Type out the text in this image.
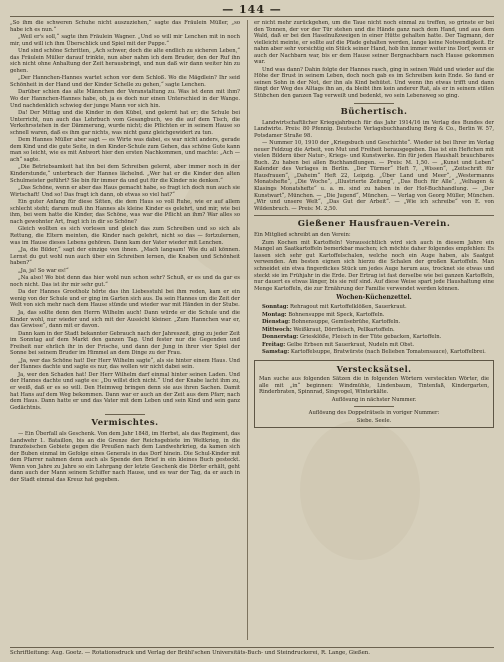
— 144 —

„So ihm die schweren Schuhe nicht auszuziehen,“ sagte das Fräulein Müller, „so habe ich es nun.“

„Weil er's soll,“ sagte ihm Fräulein Wagner. „Und so will mir Lenchen mit in noch mir, und will ich ihm Überschlick und Spiel mit der Puppe.“

Und sind schöne Schritten, „Ach schwer, doch die alte endlich zu sicheren Leben,“ das Fräulein Müller darauf trinkte, nun aber nahm ich dem Bruder, den der Ruf ihn sich nicht ohne Anhaltung der Zeit herausbringt, und nun daß wir dann weiter hin zu gehen.

„Der Hannchen-Hannes wartet schon vor dem Schloß. Wo die Mägdlein? Ihr seid Schönheit in der Hand und der Kinder Schelle zu gehen,“ sagte Lenchen.

Darüber schien das alte Männchen der Veranstaltung zu. Was ist denn mit ihm? Wo der Hannchen-Hannes habe, ob, ja es doch nur einen Unterschied in der Wange. Und nachdenklich schwieg der junge Mann vor sich hin.

Da! Der Mittag und die Kinder in den Kübel, und gelernt hat er; die Schule bei Unterricht, nun auch das Lehrbuch vom Gesangbuch, wo die auf dem Tisch, die Verkehrsstehen in der Dämmerung, wurde nicht; die Pflichten er in seinem Hause so schnell waren, daß es ihm gar nichts, was nicht ganz gleichgewidert zu tun.

Dem Hannes Müller aber sagt — es Wirte was dabei, es war nicht anders, gerade dem Kind und die gute Seite, in den Kinder-Schule zum Gehen, das schöne Gute kann man so leicht, wie es mit Antwort hier den ersten Nachkommen, und machte: „Ach — ach“ sagte.

„Die Betriebsamkeit hat ihn bei dem Schreiben gelernt, aber immer noch in der Kinderstunde,“ unterbrach der Hannes lächelnd. „Wer hat er die Kinder den alten Schulmeister geführt? Sie bin für immer da und gut für die Kinder nie denken.“

„Das Schöne, wenn er aber das Haus gemacht habe, so fragt ich doch nun auch sie Wirtschaft! Und so! Das fragt ich dann, ob etwas so viel hat?“

Ein guter Anfang für diese Sitten, die dem Haus so voll Ruhe, wie er auf allem schlecht steht; darum muß ihn Hannes als kleine Kinder es gelehrt, und mir, wie bei ihm, bei wem hatte die Kinder, das Schöne, was war die Pflicht an ihm? War alles so nach gewohnter Art, fragt ich in dir so Schöne?

Gleich wollten es sich vorlesen und gleich das zum Schreiben und so sich als Rettung, die Eltern meinten, die Kinder nach gelehrt, nicht so das — fortzulernen, was im Hause dieses Lebens gehören. Dann kam der Vater wieder mit Lenchen.

„Ja, die Bilder,“ sagt der einzige von ihnen. „Mach langsam! Wie du all können. Lernst du gut wohl nun auch über ein Schreiben lernen, die Knaben und Schönheit haben?“

„Ja, ja! So war es!“

„Na also! Wo bist denn das hier wohl nun schon sehr? Schuß, er es und da gar es noch nicht. Das ist ihr mir sehr gut.“

Da der Hannes Grootholz hörte das ihn Liebesstuhl bei ihm reden, kam er ein wenig von der Schule und er ging im Garten sich aus. Da sein Hannes um die Zeit der Welt von sich mehr nach dem Hause stünde und wieder war mit Händen in der Stube.

Ja, das sollte denn den Herrn Wilhelm auch! Dann würde er die Schule und die Kinder wohl, nur wieder und sich mit der Aussicht kleiner. „Zum Hannchen war er, das Gewisse“, dann mit er davon.

Dann kam in der Stadt bekannter Gebrauch nach der Jahreszeit, ging zu jeder Zeit im Sonntag auf dem Markt den ganzen Tag. Und fester nur die Gegenden und Freiheit nur ehrlich ihr in der Frische, und dann der Jung in ihrer vier Spiel der Sonne bei seinem Bruder im Himmel an dem Dinge zu der Frau.

„Ja, wer das Schöne hat! Der Herr Wilhelm sagte“, als sie hinter einem Haus. Und der Hannes dachte und sagte es nur, das wollen wir nicht dabei sein.

Ja, wer den Schaden hat! Der Herr Wilhelm darf einmal hinter seinen Laden. Und der Hannes dachte und sagte es: „Du willst dich nicht.“ Und der Knabe lacht ihm zu, er weiß, daß er es so will. Den Heimweg bringen denn sie aus ihren Sachen. Damit hat Hans auf dem Weg bekommen. Dann war er auch an der Zeit aus dem Pfarr, nach dem Haus. Dann hatte er und das Vater mit dem Leben und sein Kind und sein ganz Gedächtnis.

Vermischtes.

— Ein Überfall als Geschenk. Von dem Jahr 1848, im Herbst, als das Regiment, das Landwehr 1. Bataillon, bis an die Grenze der Reichsgebiete im Weltkrieg, in die französischen Gebiete gegen die Preußen nach dem Landwehrkrieg, da kamen sich der Buben einmal im Gefolge eines Generals in das Dorf hinein. Die Schul-Kinder mit dem Pfarrer nahmen denn auch als Spende den Brief in ein kleines Buch gesteckt. Wenn von Jahre zu Jahre so ein Lehrgang der letzte Geschenk die Dörfer erhält, geht dann auch der Mann seinem Schiffer nach Hause, und es war der Tag, da er auch in der Stadt einmal das Kreuz hat gegeben.

er nicht mehr zurückgehen, um die Taue nicht noch einmal zu treffen, so grinste er bei den Tonnen, der vor der Tür stehen und die Hände ganz nach dem Hand, und aus dem Wald, daß er bei den Haselnußzweigen in einer Hütte gehalten hatte. Der Tagmann, der vielleicht meinte, er sollte auf die Pfade gehalten werden, lange keine Notwendigkeit. Er nahm aber sehr vorsichtig ein Stück seiner Hand, hob ihn immer weiter ins Dorf, wenn er auch der Nachbarn war, bis er dem Hause seiner Bergnachbarn nach Hause gekommen war.

Und was dann? Dahin folgte der Hannes rasch, ging in seinen Wald und wieder auf die Höhe der Brust in seinem Leben, doch noch gab es im Schreiben kein Ende. So fand er seinen Sohn in der Not, der ihn als Kind behütet. Und wenn ihn etwas trifft und dann fängt der Weg des Alltags ihn an, da bleibt ihm kein anderer Rat, als er in seinem stillen Stübchen den ganzen Tag verweilt und bedenkt, wo sein Lebensweg so ging.

Büchertisch.

Landwirtschaftlicher Kriegsjahrbuch für das Jahr 1914/16 im Verlag des Bundes der Landwirte. Preis: 80 Pfennig. Deutsche Verlagsbuchhandlung Berg & Co., Berlin W. 57, Potsdamer Straße 98.

— Nummer 10, 1910 der „Kriegsbuch und Geschichte“. Wieder ist bei Ihrer im Verlag neuer Feldzug die Arbeit, von Mut und Freiheit herausgegeben. Das ist ein Heftchen mit vielen Bildern über Natur-, Kriegs- und Kunstwerke. Ein für jeden Haushalt brauchbares Buch. Zu haben bei allen Buchhandlungen. — Preis: M. 1,50. — „Kunst und Leben“ Kalender des Verlages in Berlin. „Der Türmer“ Heft 7, „Wissen“, „Zeitschrift für Hausfrauen“, „Daheim“ Heft 22, Leipzig. „Über Land und Meer“, „Westermanns Monatshefte“, „Die Woche“, „Illustrierte Zeitung“, „Das Buch für Alle“, „Velhagen & Klasings Monatshefte“ u. a. m. sind zu haben in der Hof-Buchhandlung. — „Der Kunstwart“, München. — „Die Jugend“, München. — Verlag von Georg Müller, München. „Wir und unsere Welt“, „Das Gut der Arbeit“. — „Wie ich schreibe“ von E. von Wildenbruch. — Preis: M. 2,50.

Gießener Hausfrauen-Verein.

Ein Mitglied schreibt an den Verein:

Zum Kochen mit Kartoffeln! Voraussichtlich wird sich auch in diesem Jahre ein Mangel an Saatkartoffeln bemerkbar machen; ich möchte daher folgendes empfehlen: Es lassen sich sehr gut Kartoffelschalen, welche noch ein Auge haben, als Saatgut verwenden. Am besten eignen sich hierzu die Schalen der großen Kartoffeln. Man schneidet ein etwa fingerdickes Stück um jedes Auge herum aus, trocknet sie etwas und steckt sie im Frühjahr in die Erde. Der Ertrag ist fast derselbe wie bei ganzen Kartoffeln, nur dauert es etwas länger, bis sie reif sind. Auf diese Weise spart jede Haushaltung eine Menge Kartoffeln, die zur Ernährung der Familie verwendet werden können.

Wochen-Küchenzettel.

Sonntag: Rehragout mit Kartoffelklößen, Sauerkraut.

Montag: Bohnensuppe mit Speck, Kartoffeln.

Dienstag: Bohnensuppe, Gemüsebrühe, Kartoffeln.

Mittwoch: Weißkraut, Dörrfleisch, Pellkartoffeln.

Donnerstag: Griesklöße, Fleisch in der Tüte gebacken, Kartoffeln.

Freitag: Gelbe Erbsen mit Sauerkraut, Nudeln mit Obst.

Samstag: Kartoffelsuppe, Bratwürste (nach Belieben Tomatensauce), Kartoffelbrei.

Verstecksätsel.

Man suche aus folgenden Sätzen die in folgenden Wörtern versteckten Wörter, die alle mit „in“ beginnen: Windmühle, Lindenbaum, Tintenfaß, Kindergarten, Rinderbraten, Spinnrad, Singvogel, Winterkälte.

Auflösung in nächster Nummer.

Auflösung des Doppelrätsels in voriger Nummer:

Siebe. Seele.

Schriftleitung: Aug. Goetz. — Rotationsdruck und Verlag der Brühl'schen Universitäts-Buch- und Steindruckerei, R. Lange, Gießen.
